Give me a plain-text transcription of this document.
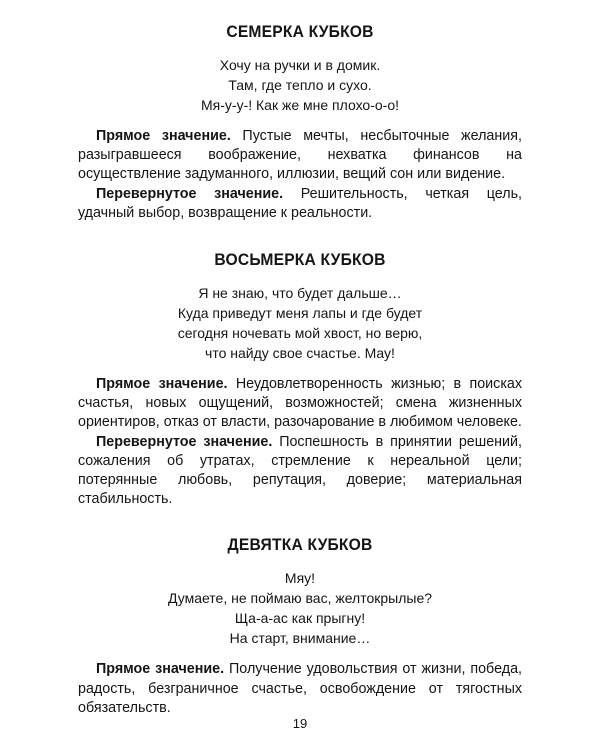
СЕМЕРКА КУБКОВ
Хочу на ручки и в домик.
Там, где тепло и сухо.
Мя-у-у-! Как же мне плохо-о-о!

Прямое значение. Пустые мечты, несбыточные желания, разыгравшееся воображение, нехватка финансов на осуществление задуманного, иллюзии, вещий сон или видение.

Перевернутое значение. Решительность, четкая цель, удачный выбор, возвращение к реальности.

ВОСЬМЕРКА КУБКОВ
Я не знаю, что будет дальше…
Куда приведут меня лапы и где будет
сегодня ночевать мой хвост, но верю,
что найду свое счастье. Мау!

Прямое значение. Неудовлетворенность жизнью; в поисках счастья, новых ощущений, возможностей; смена жизненных ориентиров, отказ от власти, разочарование в любимом человеке.

Перевернутое значение. Поспешность в принятии решений, сожаления об утратах, стремление к нереальной цели; потерянные любовь, репутация, доверие; материальная стабильность.

ДЕВЯТКА КУБКОВ
Мяу!
Думаете, не поймаю вас, желтокрылые?
Ща-а-ас как прыгну!
На старт, внимание…

Прямое значение. Получение удовольствия от жизни, победа, радость, безграничное счастье, освобождение от тягостных обязательств.

19
